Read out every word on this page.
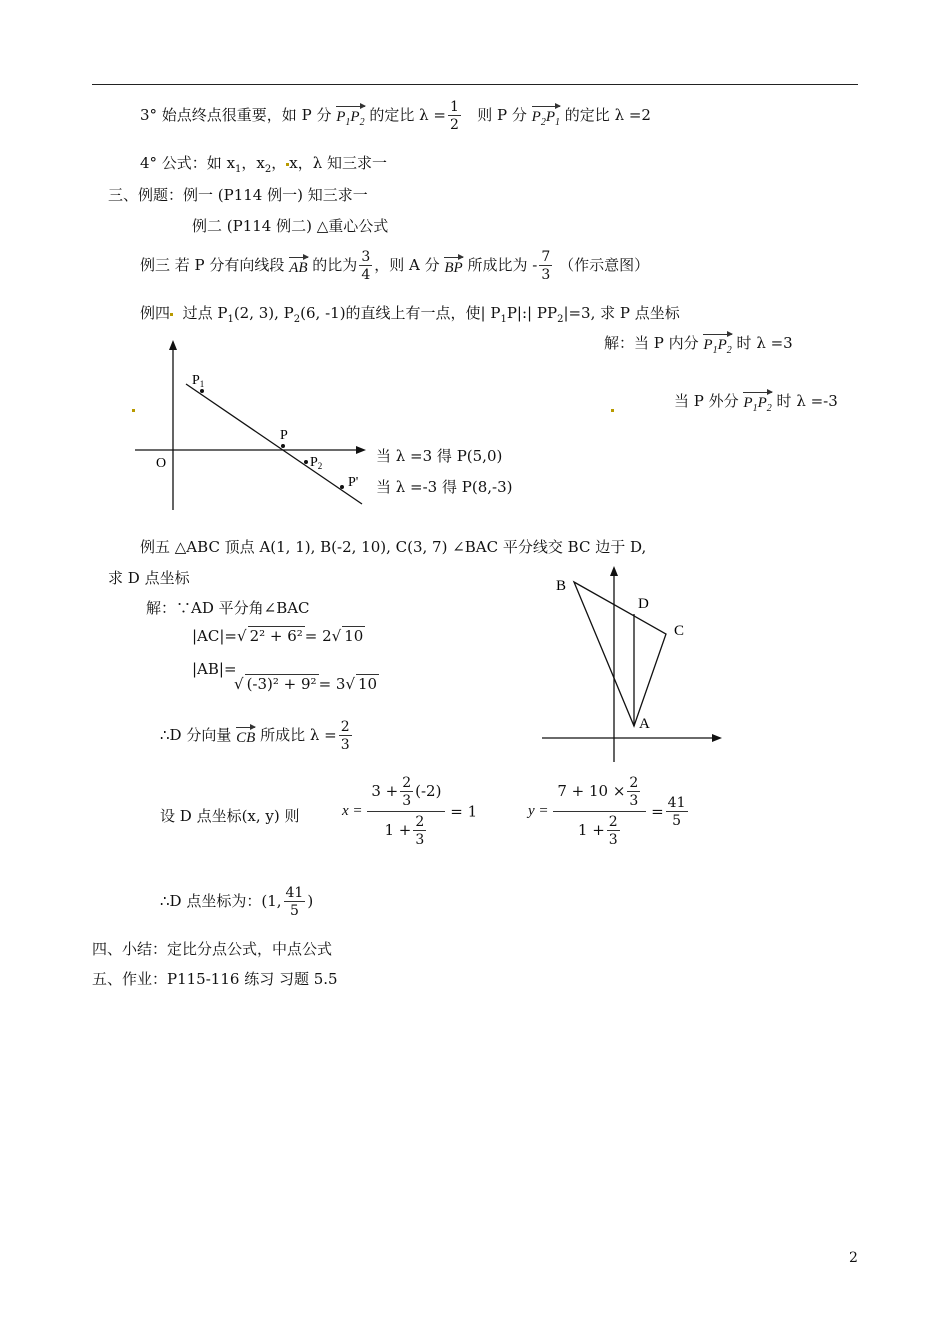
3° 始点终点很重要，如 P 分 $P_1P_2$ 的定比 $\lambda = \frac{1}{2}$ 则 P 分 $P_2P_1$ 的定比 λ =2
4° 公式：如 $x_1$，$x_2$， x，λ 知三求一
三、例题：例一 (P114 例一) 知三求一
例二 (P114 例二) △重心公式
例三 若 P 分有向线段 AB 的比为 $\frac{3}{4}$ ，则 A 分 BP 所成比为 - $\frac{7}{3}$ （作示意图）
例四 过点 $P_1(2$, 3), $P_2(6$, -1)的直线上有一点，使| $P_1P|:|$ $PP_2|=3$, 求 P 点坐标
解：当 P 内分 $P_1P_2$ 时 λ =3
当 P 外分 $P_1P_2$ 时 λ =-3
$P_1$
P
$P_2$
P'
O	当 λ =3 得 P(5,0)
当 λ =-3 得 P(8,-3)
例五 △ABC 顶点 A(1, 1), B(-2, 10), C(3, 7) ∠BAC 平分线交 BC 边于 D,
求 D 点坐标
解：∵AD 平分角∠BAC
|AC|=√ 2² + 6² = 2√ 10
|AB|=
√ (-3)² + 9² = 3√ 10
B
D
C
A
∴D 分向量 CB 所成比 $\lambda = \frac{2}{3}$
设 D 点坐标(x, y) 则	$x = \frac{3 + \frac{2}{3} (-2)}{1 + \frac{2}{3}} = 1$	$y = \frac{7 + 10 \times \frac{2}{3}}{1 + \frac{2}{3}} = \frac{41}{5}$
∴D 点坐标为：(1, $\frac{41}{5}$ )
四、小结：定比分点公式，中点公式
五、作业：P115-116 练习 习题 5.5
2
